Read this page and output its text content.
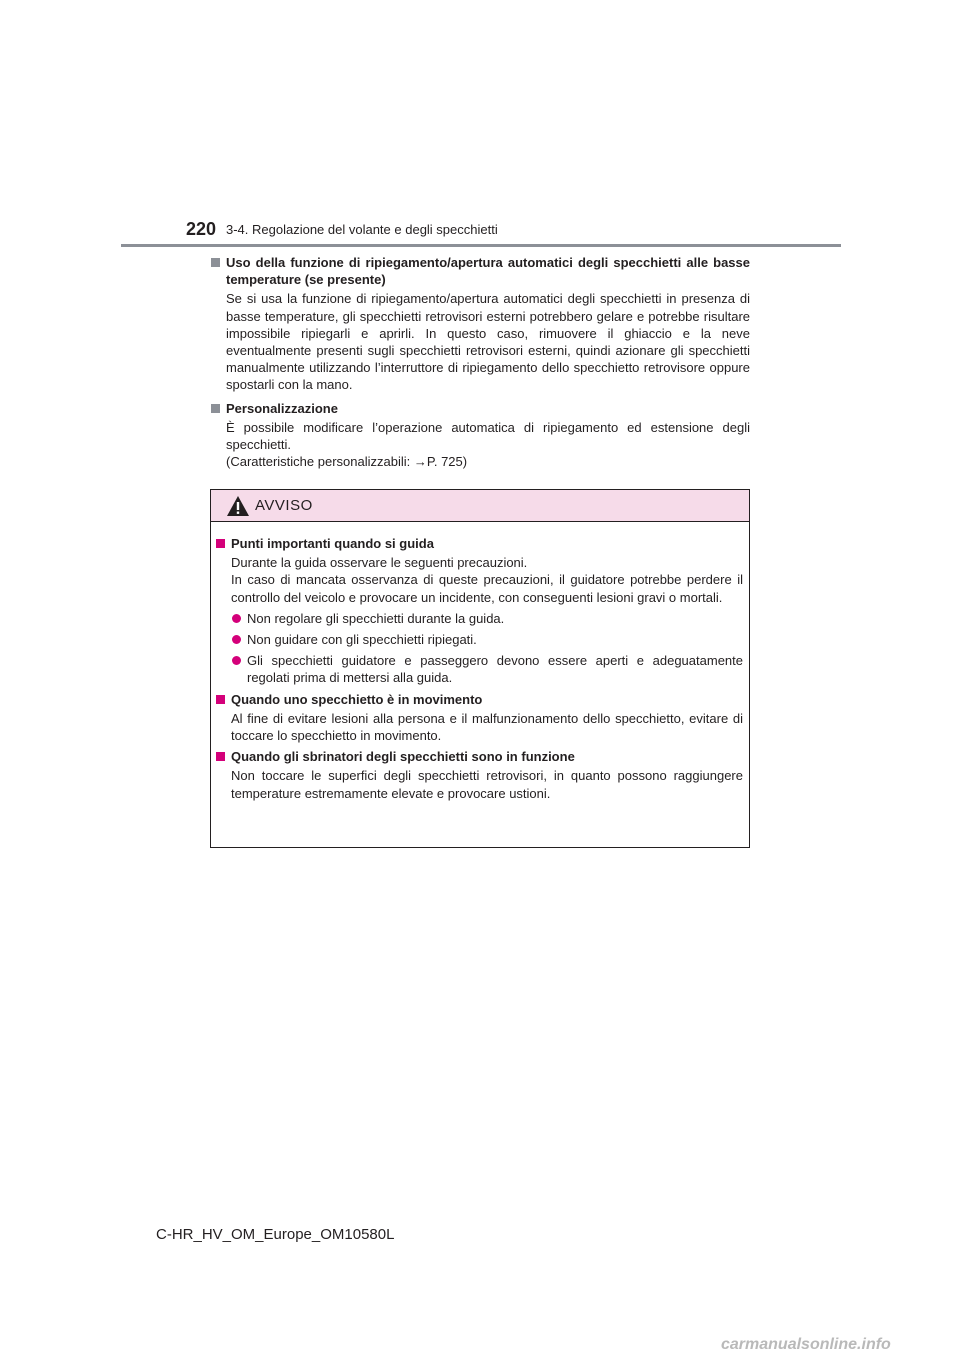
220 3-4. Regolazione del volante e degli specchietti
Uso della funzione di ripiegamento/apertura automatici degli specchietti alle basse temperature (se presente)
Se si usa la funzione di ripiegamento/apertura automatici degli specchietti in presenza di basse temperature, gli specchietti retrovisori esterni potrebbero gelare e potrebbe risultare impossibile ripiegarli e aprirli. In questo caso, rimuovere il ghiaccio e la neve eventualmente presenti sugli specchietti retrovisori esterni, quindi azionare gli specchietti manualmente utilizzando l’interruttore di ripiegamento dello specchietto retrovisore oppure spostarli con la mano.
Personalizzazione
È possibile modificare l’operazione automatica di ripiegamento ed estensione degli specchietti.
(Caratteristiche personalizzabili: →P. 725)
AVVISO
Punti importanti quando si guida
Durante la guida osservare le seguenti precauzioni.
In caso di mancata osservanza di queste precauzioni, il guidatore potrebbe perdere il controllo del veicolo e provocare un incidente, con conseguenti lesioni gravi o mortali.
Non regolare gli specchietti durante la guida.
Non guidare con gli specchietti ripiegati.
Gli specchietti guidatore e passeggero devono essere aperti e adeguatamente regolati prima di mettersi alla guida.
Quando uno specchietto è in movimento
Al fine di evitare lesioni alla persona e il malfunzionamento dello specchietto, evitare di toccare lo specchietto in movimento.
Quando gli sbrinatori degli specchietti sono in funzione
Non toccare le superfici degli specchietti retrovisori, in quanto possono raggiungere temperature estremamente elevate e provocare ustioni.
C-HR_HV_OM_Europe_OM10580L
carmanualsonline.info
